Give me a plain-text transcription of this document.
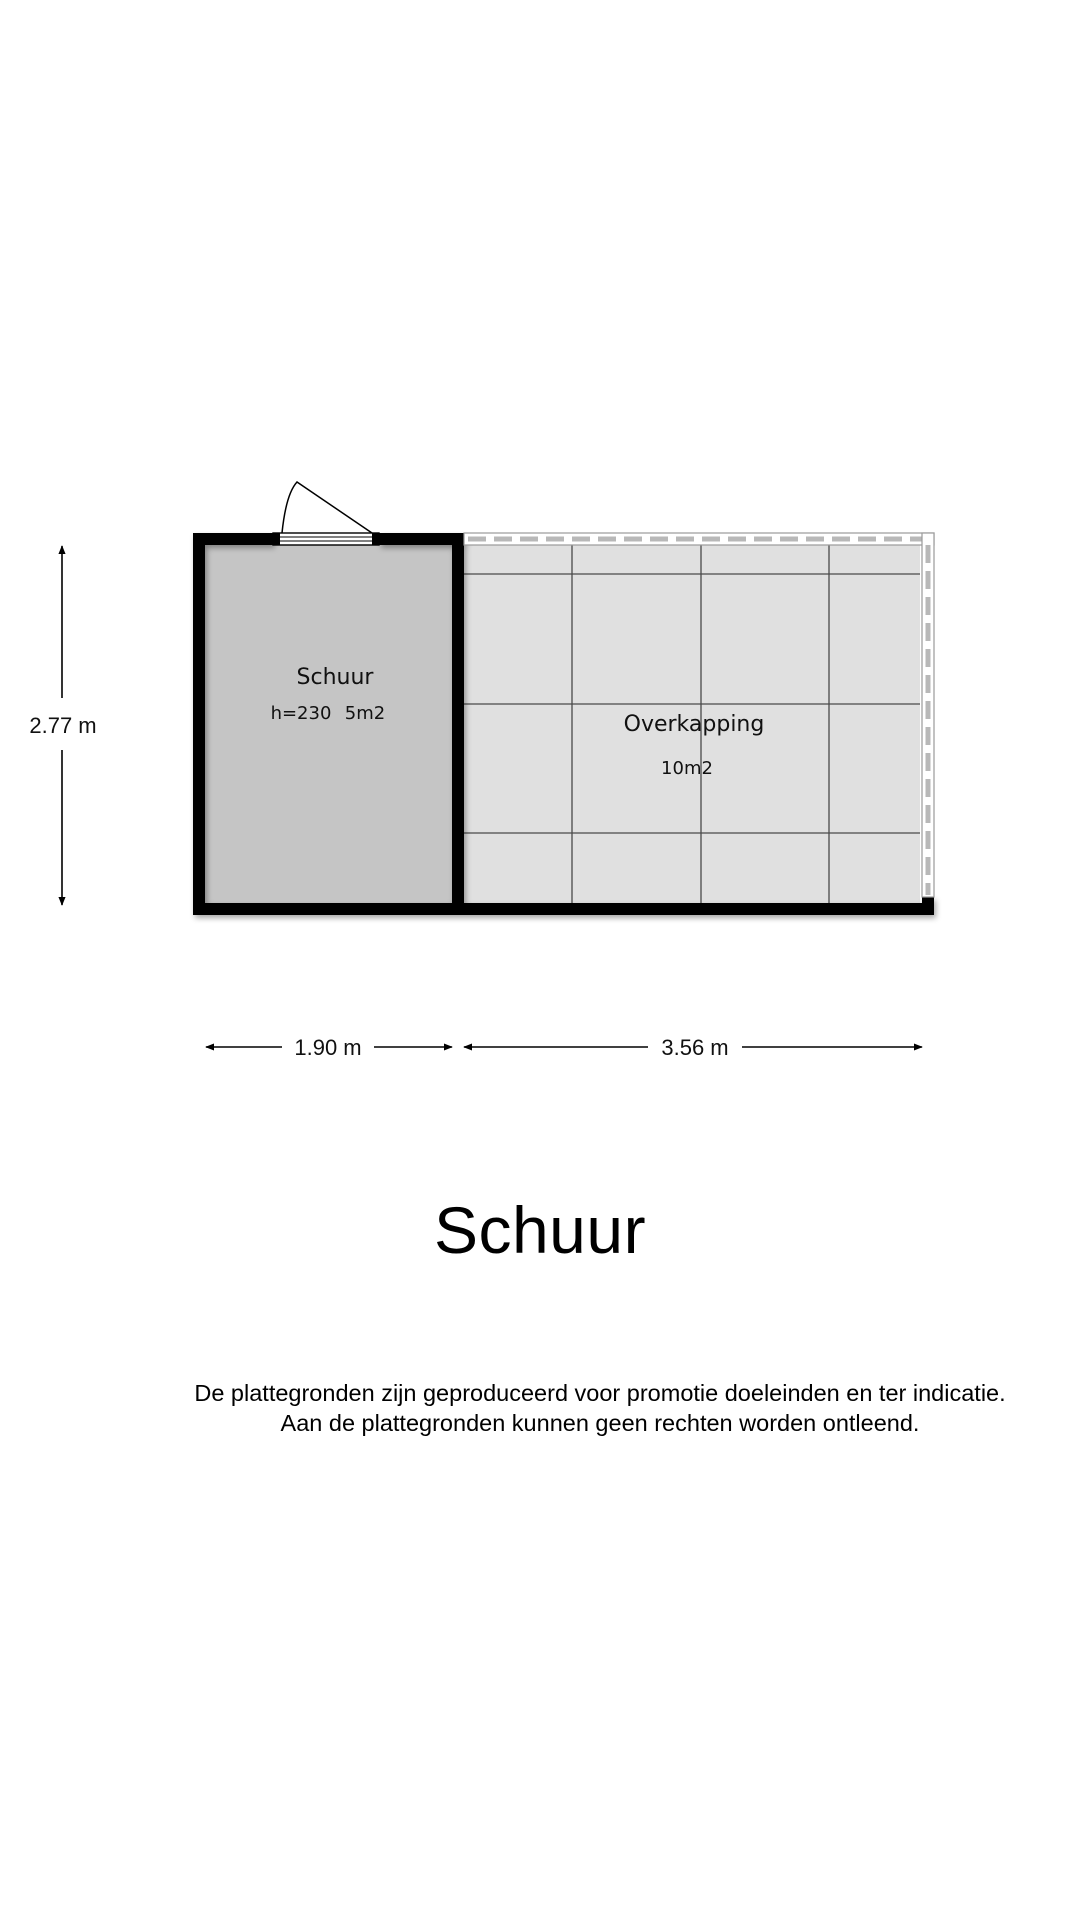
Schuur
h=230 5m2	Overkapping
10m2
2.77 m
1.90 m	3.56 m
Schuur
De plattegronden zijn geproduceerd voor promotie doeleinden en ter indicatie.
Aan de plattegronden kunnen geen rechten worden ontleend.
